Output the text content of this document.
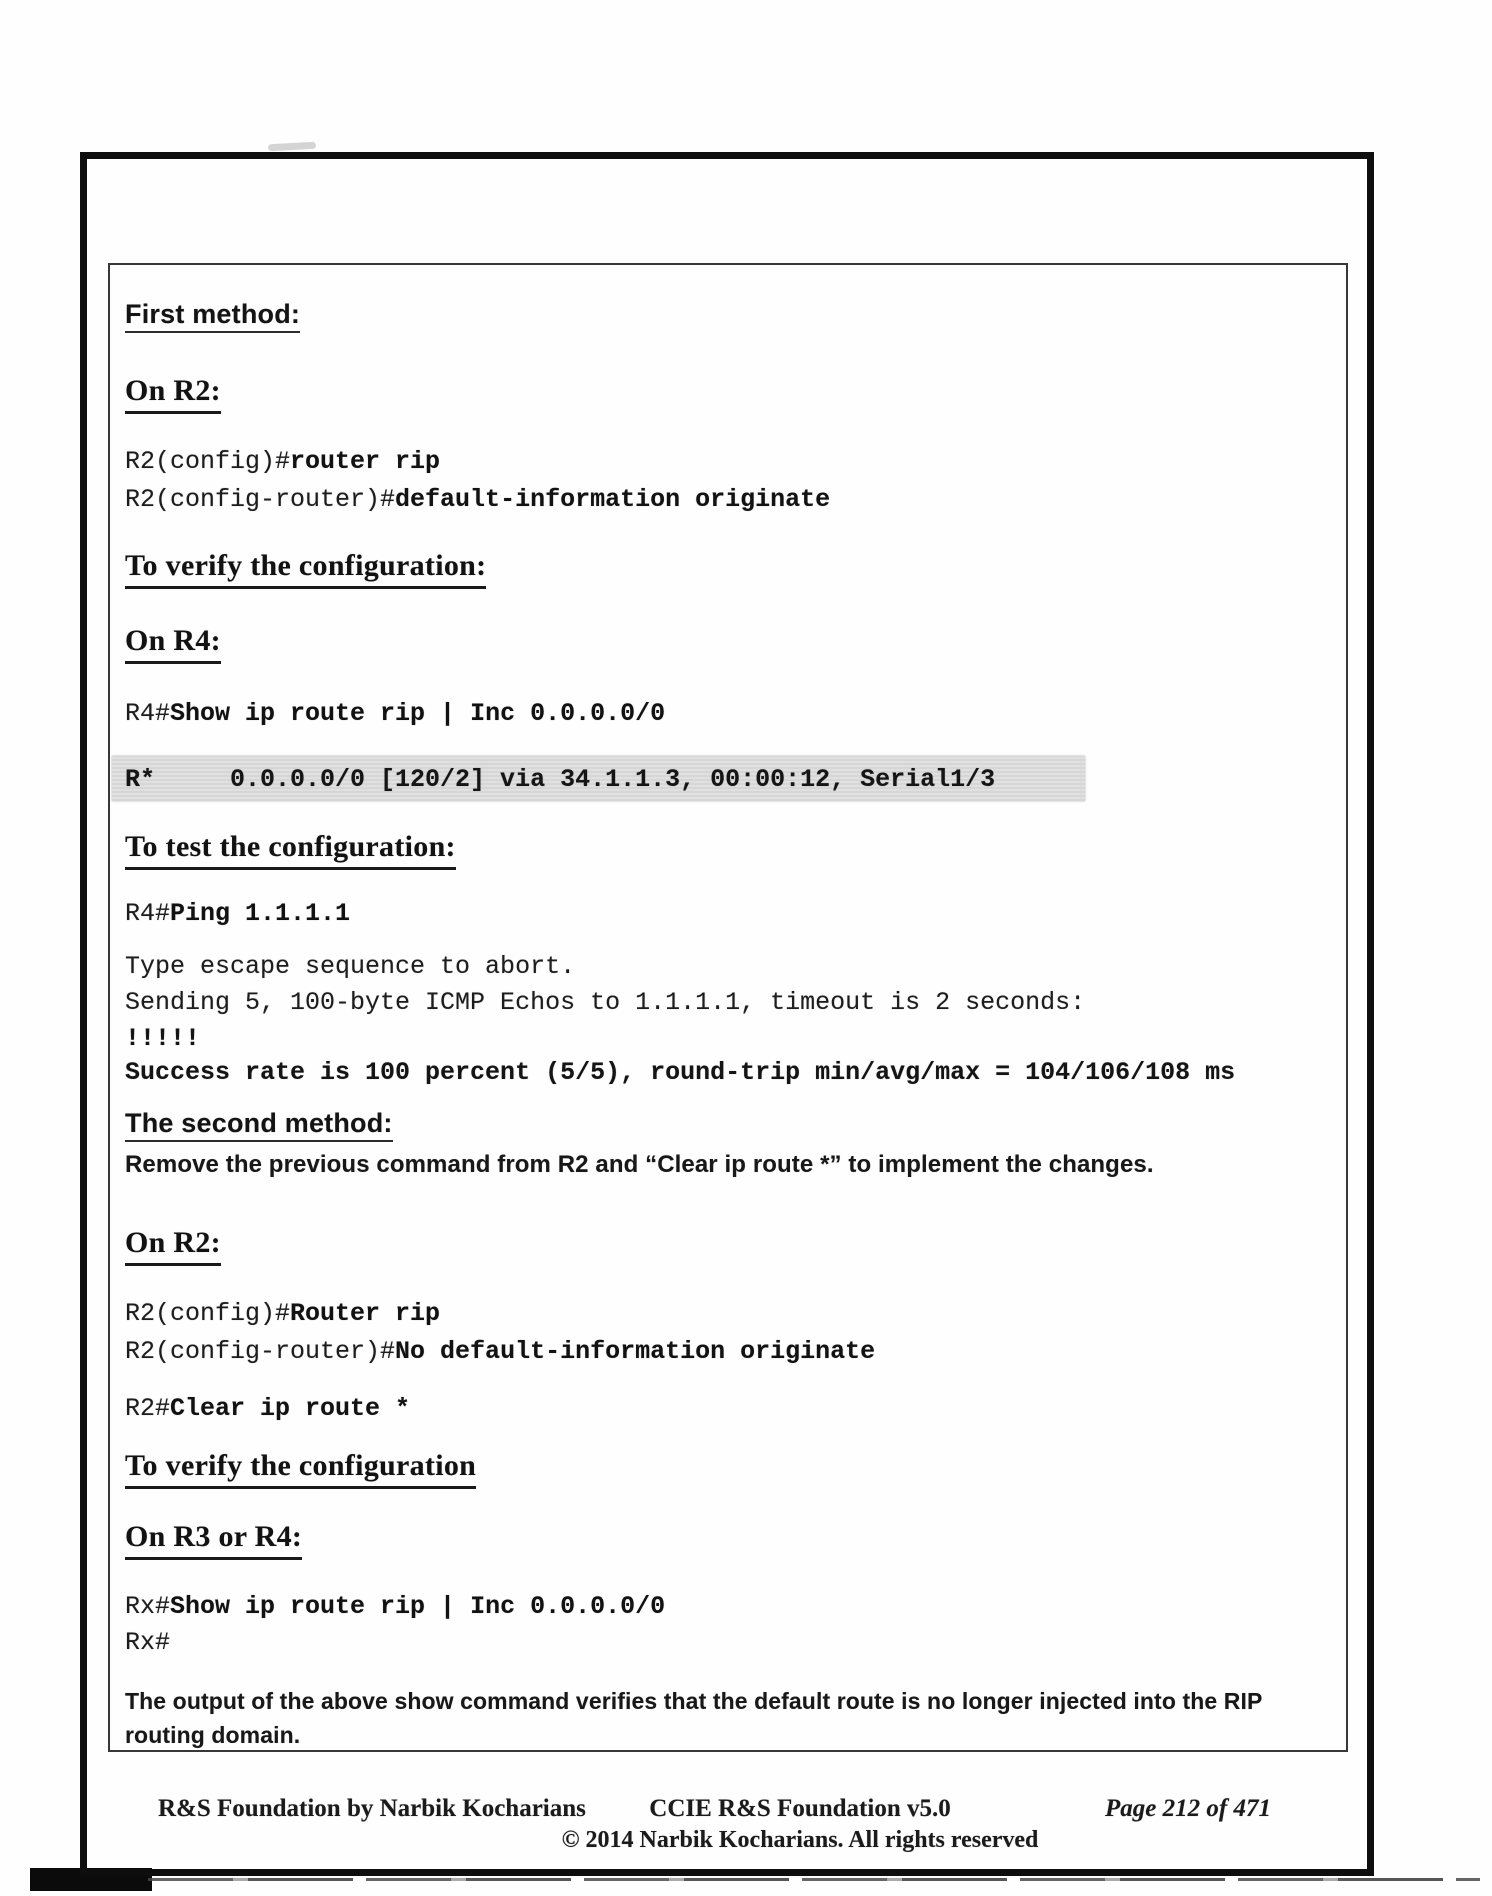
First method:
On R2:
R2(config)#router rip
R2(config-router)#default-information originate
To verify the configuration:
On R4:
R4#Show ip route rip | Inc 0.0.0.0/0
R*     0.0.0.0/0 [120/2] via 34.1.1.3, 00:00:12, Serial1/3
To test the configuration:
R4#Ping 1.1.1.1
Type escape sequence to abort.
Sending 5, 100-byte ICMP Echos to 1.1.1.1, timeout is 2 seconds:
!!!!!
Success rate is 100 percent (5/5), round-trip min/avg/max = 104/106/108 ms
The second method:
Remove the previous command from R2 and “Clear ip route *” to implement the changes.
On R2:
R2(config)#Router rip
R2(config-router)#No default-information originate
R2#Clear ip route *
To verify the configuration
On R3 or R4:
Rx#Show ip route rip | Inc 0.0.0.0/0
Rx#
The output of the above show command verifies that the default route is no longer injected into the RIP routing domain.
R&S Foundation by Narbik Kocharians	CCIE R&S Foundation v5.0
© 2014 Narbik Kocharians. All rights reserved
Page 212 of 471
